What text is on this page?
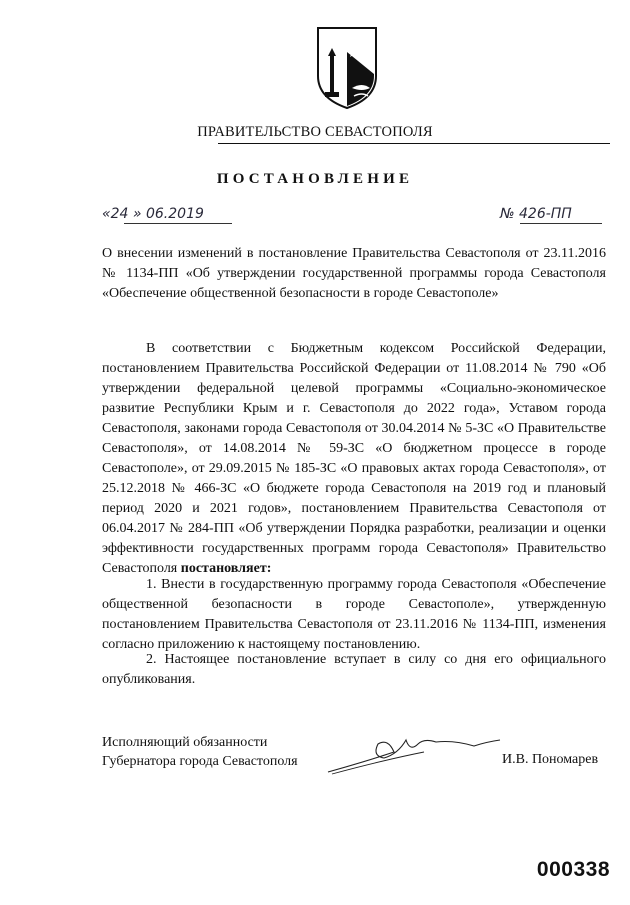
ПРАВИТЕЛЬСТВО СЕВАСТОПОЛЯ
ПОСТАНОВЛЕНИЕ
«24 » 06.2019	№ 426-ПП

О внесении изменений в постановление Правительства Севастополя от 23.11.2016 № 1134-ПП «Об утверждении государственной программы города Севастополя «Обеспечение общественной безопасности в городе Севастополе»

В соответствии с Бюджетным кодексом Российской Федерации, постановлением Правительства Российской Федерации от 11.08.2014 № 790 «Об утверждении федеральной целевой программы «Социально-экономическое развитие Республики Крым и г. Севастополя до 2022 года», Уставом города Севастополя, законами города Севастополя от 30.04.2014 № 5-ЗС «О Правительстве Севастополя», от 14.08.2014 № 59-ЗС «О бюджетном процессе в городе Севастополе», от 29.09.2015 № 185-ЗС «О правовых актах города Севастополя», от 25.12.2018 № 466-ЗС «О бюджете города Севастополя на 2019 год и плановый период 2020 и 2021 годов», постановлением Правительства Севастополя от 06.04.2017 № 284-ПП «Об утверждении Порядка разработки, реализации и оценки эффективности государственных программ города Севастополя» Правительство Севастополя постановляет:

1. Внести в государственную программу города Севастополя «Обеспечение общественной безопасности в городе Севастополе», утвержденную постановлением Правительства Севастополя от 23.11.2016 № 1134-ПП, изменения согласно приложению к настоящему постановлению.

2. Настоящее постановление вступает в силу со дня его официального опубликования.

Исполняющий обязанности
Губернатора города Севастополя	И.В. Пономарев
000338
